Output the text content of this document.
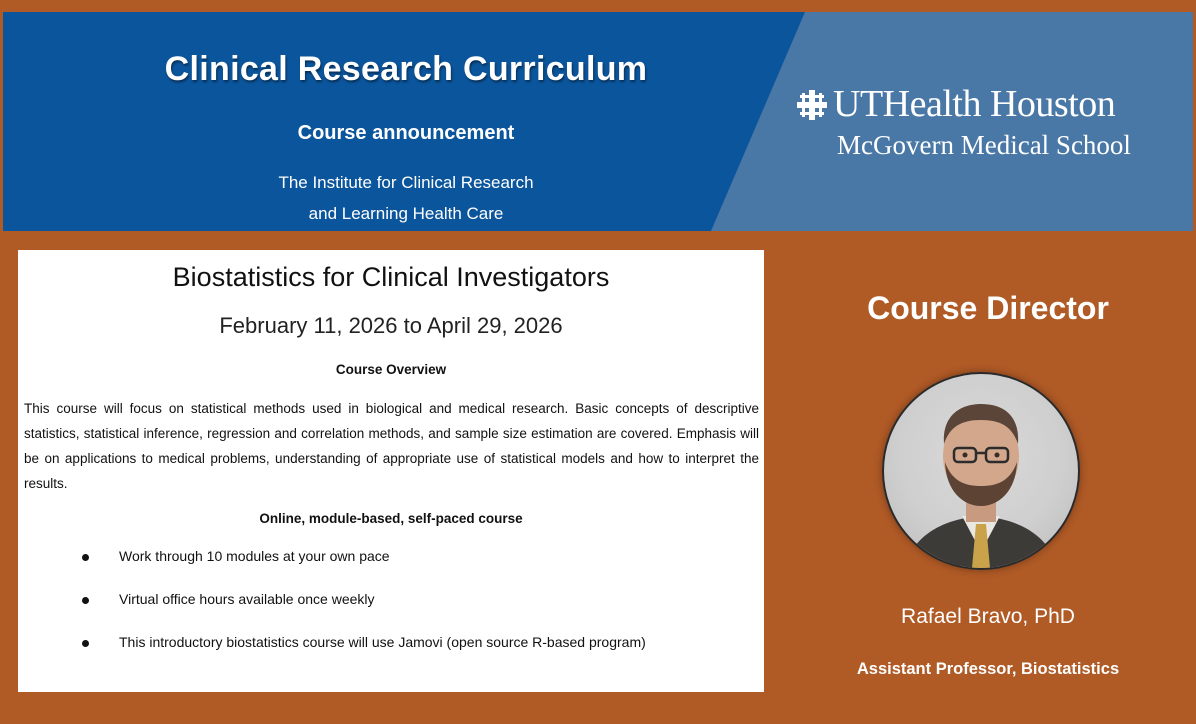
Clinical Research Curriculum
Course announcement
The Institute for Clinical Research
and Learning Health Care
UTHealth Houston
McGovern Medical School
Biostatistics for Clinical Investigators
February 11, 2026 to April 29, 2026
Course Overview
This course will focus on statistical methods used in biological and medical research. Basic concepts of descriptive statistics, statistical inference, regression and correlation methods, and sample size estimation are covered. Emphasis will be on applications to medical problems, understanding of appropriate use of statistical models and how to interpret the results.
Online, module-based, self-paced course
Work through 10 modules at your own pace
Virtual office hours available once weekly
This introductory biostatistics course will use Jamovi (open source R-based program)
Course Director
Rafael Bravo, PhD
Assistant Professor, Biostatistics
